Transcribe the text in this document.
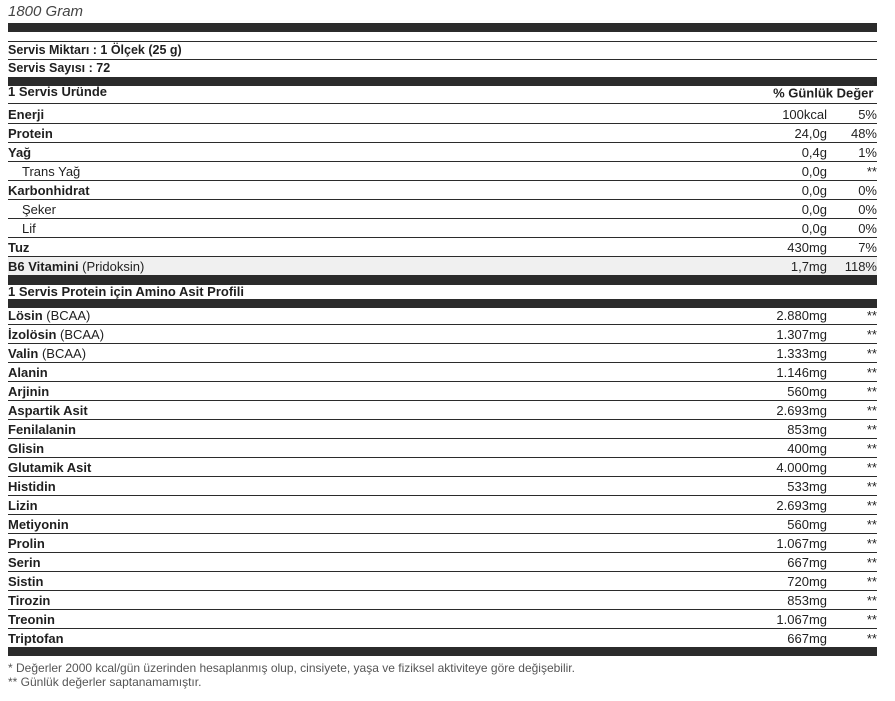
1800 Gram
Servis Miktarı : 1 Ölçek (25 g)
Servis Sayısı : 72
1 Servis Üründe	% Günlük Değer*
Enerji	100kcal	5%
Protein	24,0g	48%
Yağ	0,4g	1%
Trans Yağ	0,0g	**
Karbonhidrat	0,0g	0%
Şeker	0,0g	0%
Lif	0,0g	0%
Tuz	430mg	7%
B6 Vitamini (Pridoksin)	1,7mg	118%
1 Servis Protein için Amino Asit Profili
Lösin (BCAA)	2.880mg	**
İzolösin (BCAA)	1.307mg	**
Valin (BCAA)	1.333mg	**
Alanin	1.146mg	**
Arjinin	560mg	**
Aspartik Asit	2.693mg	**
Fenilalanin	853mg	**
Glisin	400mg	**
Glutamik Asit	4.000mg	**
Histidin	533mg	**
Lizin	2.693mg	**
Metiyonin	560mg	**
Prolin	1.067mg	**
Serin	667mg	**
Sistin	720mg	**
Tirozin	853mg	**
Treonin	1.067mg	**
Triptofan	667mg	**
* Değerler 2000 kcal/gün üzerinden hesaplanmış olup, cinsiyete, yaşa ve fiziksel aktiviteye göre değişebilir.
** Günlük değerler saptanamamıştır.
